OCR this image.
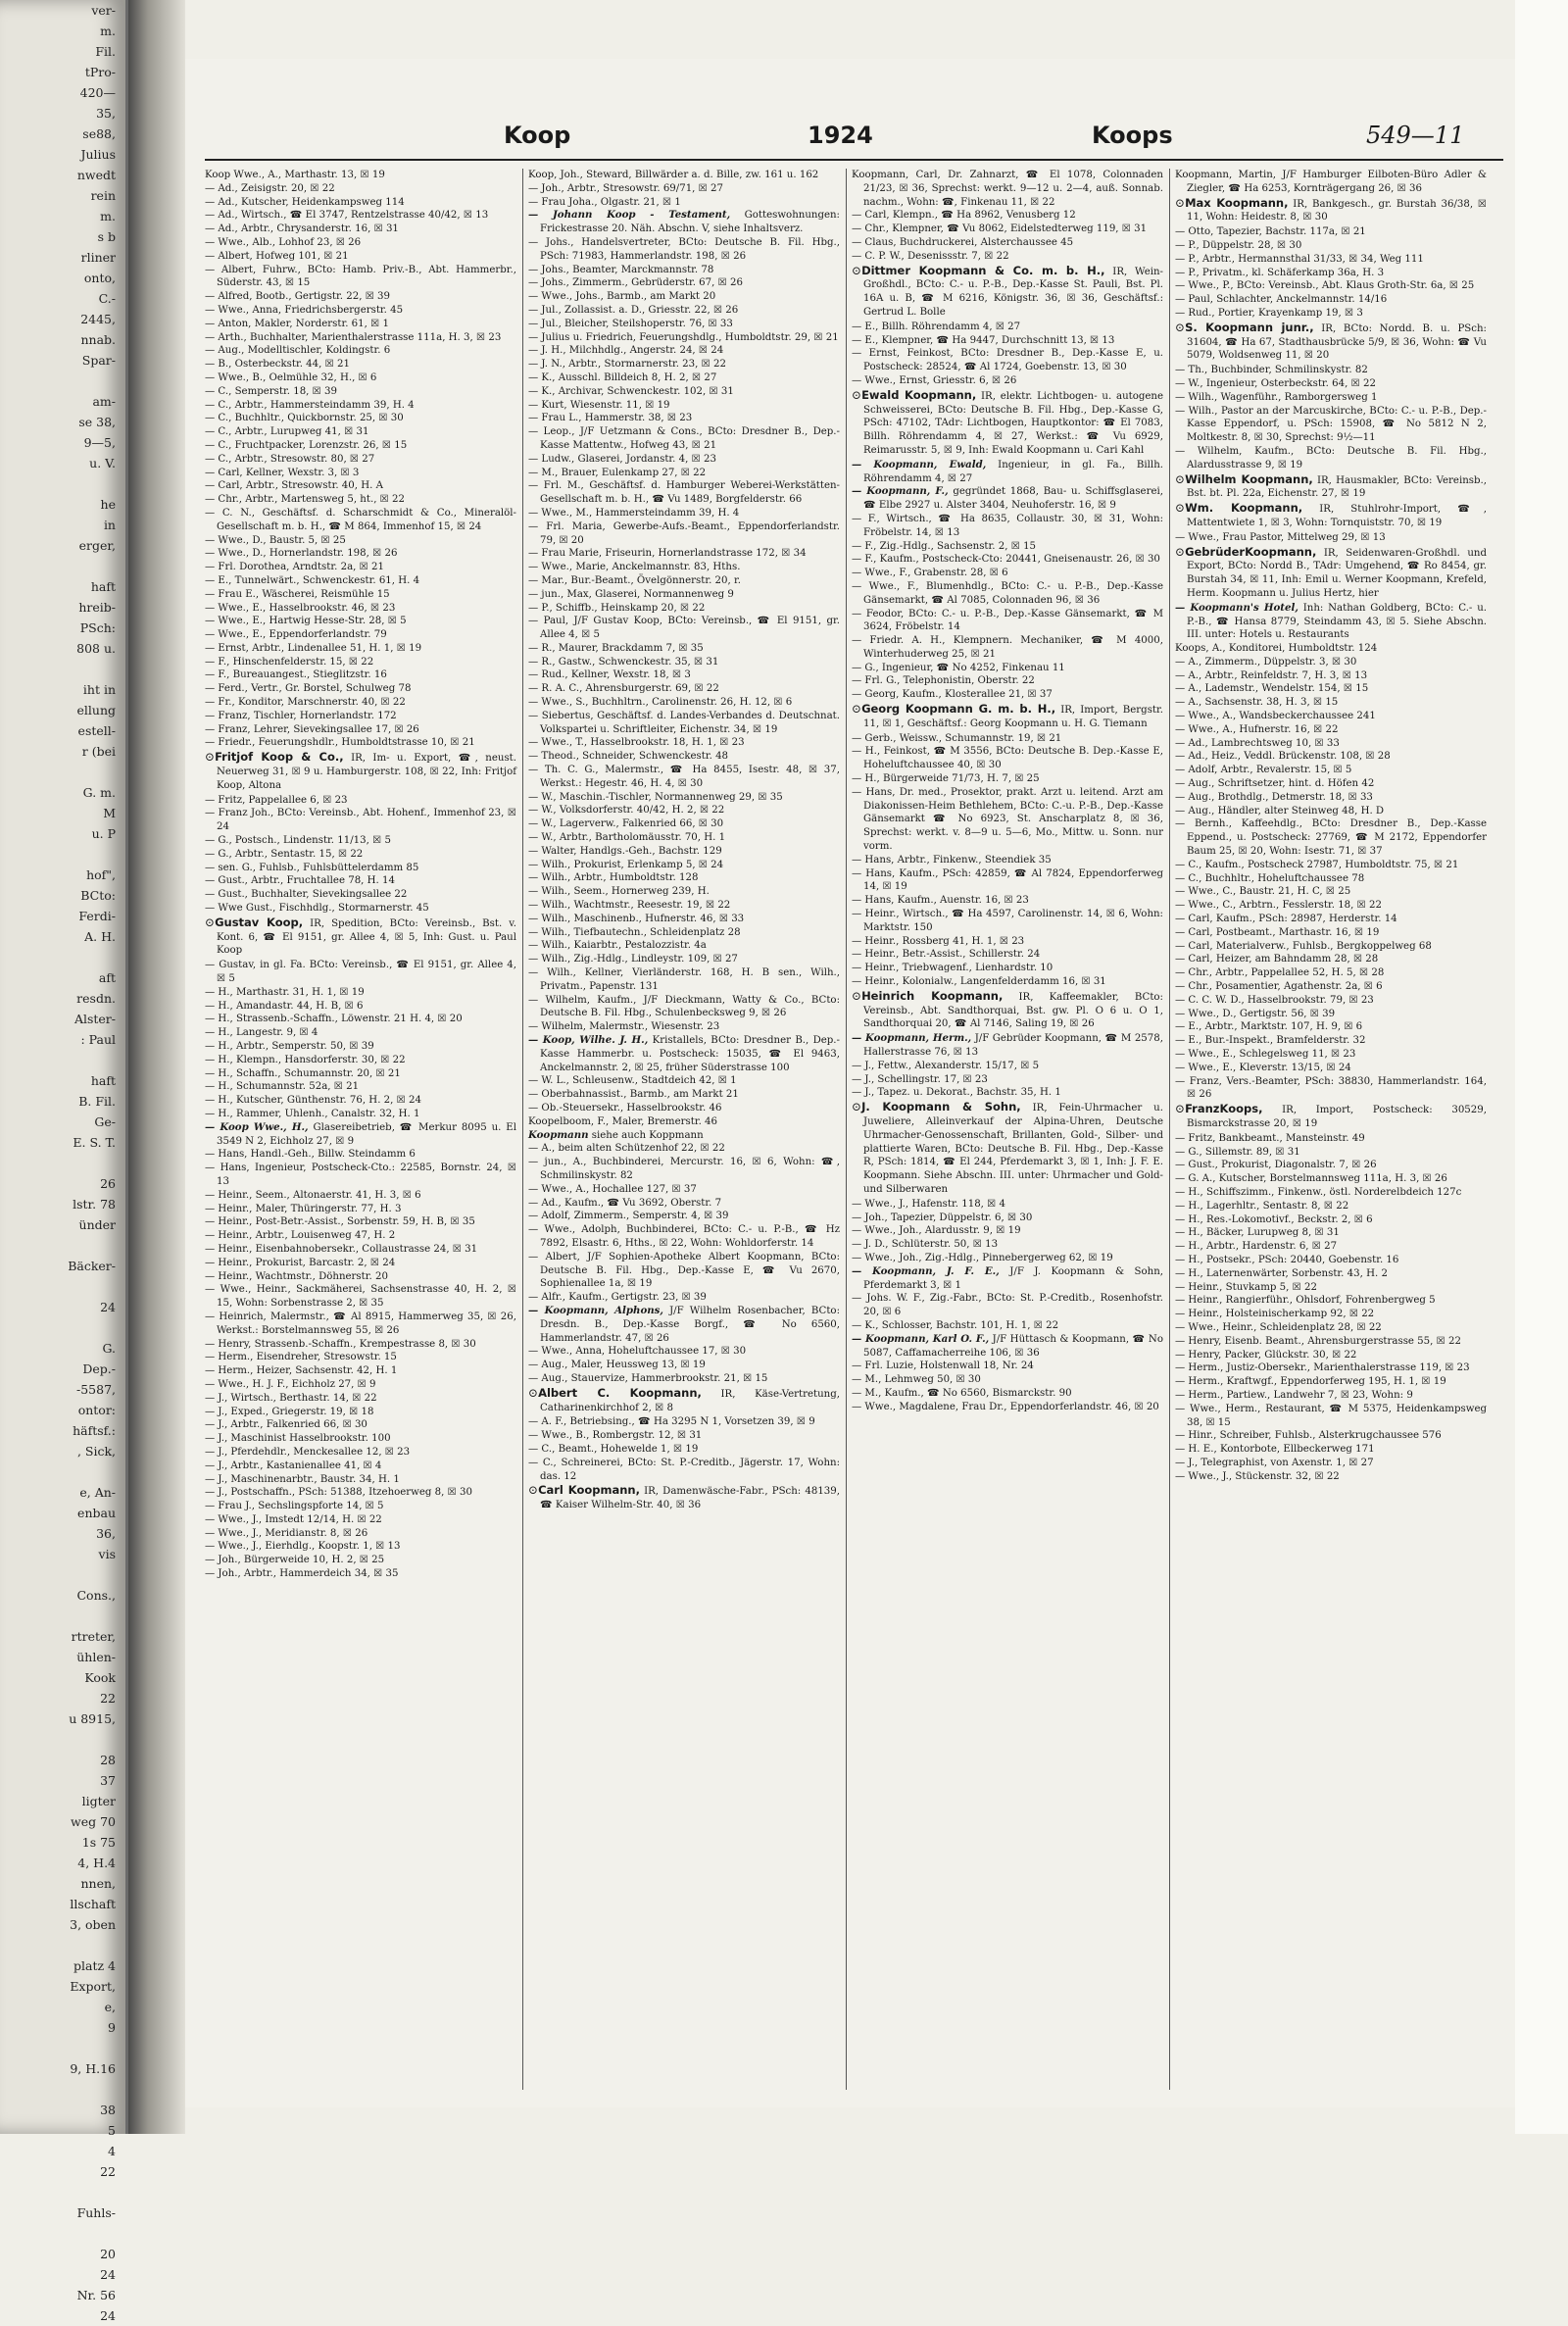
ver-
m.
Fil.
tPro-
420—
35,
se88,
Julius
nwedt
rein
m.
s b
rliner
onto,
C.-
2445,
nnab.
Spar-

am-
se 38,
9—5,
u. V.

he
in
erger,

haft
hreib-
PSch:
808 u.

iht in
ellung
estell-
r (bei

G. m.
M
u. P

hof",
BCto:
Ferdi-
A. H.

aft
resdn.
Alster-
: Paul

haft
B. Fil.
Ge-
E. S. T.

26
lstr. 78
ünder

Bäcker-

24

G.
Dep.-
-5587,
ontor:
häftsf.:
, Sick,

e, An-
enbau
36,
vis

Cons.,

rtreter,
ühlen-
Kook
22
u 8915,

28
37
ligter
weg 70
1s 75
4, H.4
nnen,
llschaft
3, oben

platz 4
Export,
e,
9

9, H.16

38
5
4
22

Fuhls-

20
24
Nr. 56
24
Koop	1924	Koops	549—11

Koop Wwe., A., Marthastr. 13, ☒ 19

— Ad., Zeisigstr. 20, ☒ 22

— Ad., Kutscher, Heidenkampsweg 114

— Ad., Wirtsch., ☎ El 3747, Rentzelstrasse 40/42, ☒ 13

— Ad., Arbtr., Chrysanderstr. 16, ☒ 31

— Wwe., Alb., Lohhof 23, ☒ 26

— Albert, Hofweg 101, ☒ 21

— Albert, Fuhrw., BCto: Hamb. Priv.-B., Abt. Hammerbr., Süderstr. 43, ☒ 15

— Alfred, Bootb., Gertigstr. 22, ☒ 39

— Wwe., Anna, Friedrichsbergerstr. 45

— Anton, Makler, Norderstr. 61, ☒ 1

— Arth., Buchhalter, Marienthalerstrasse 111a, H. 3, ☒ 23

— Aug., Modelltischler, Koldingstr. 6

— B., Osterbeckstr. 44, ☒ 21

— Wwe., B., Oelmühle 32, H., ☒ 6

— C., Semperstr. 18, ☒ 39

— C., Arbtr., Hammersteindamm 39, H. 4

— C., Buchhltr., Quickbornstr. 25, ☒ 30

— C., Arbtr., Lurupweg 41, ☒ 31

— C., Fruchtpacker, Lorenzstr. 26, ☒ 15

— C., Arbtr., Stresowstr. 80, ☒ 27

— Carl, Kellner, Wexstr. 3, ☒ 3

— Carl, Arbtr., Stresowstr. 40, H. A

— Chr., Arbtr., Martensweg 5, ht., ☒ 22

— C. N., Geschäftsf. d. Scharschmidt & Co., Mineralöl-Gesellschaft m. b. H., ☎ M 864, Immenhof 15, ☒ 24

— Wwe., D., Baustr. 5, ☒ 25

— Wwe., D., Hornerlandstr. 198, ☒ 26

— Frl. Dorothea, Arndtstr. 2a, ☒ 21

— E., Tunnelwärt., Schwenckestr. 61, H. 4

— Frau E., Wäscherei, Reismühle 15

— Wwe., E., Hasselbrookstr. 46, ☒ 23

— Wwe., E., Hartwig Hesse-Str. 28, ☒ 5

— Wwe., E., Eppendorferlandstr. 79

— Ernst, Arbtr., Lindenallee 51, H. 1, ☒ 19

— F., Hinschenfelderstr. 15, ☒ 22

— F., Bureauangest., Stieglitzstr. 16

— Ferd., Vertr., Gr. Borstel, Schulweg 78

— Fr., Konditor, Marschnerstr. 40, ☒ 22

— Franz, Tischler, Hornerlandstr. 172

— Franz, Lehrer, Sievekingsallee 17, ☒ 26

— Friedr., Feuerungshdlr., Humboldtstrasse 10, ☒ 21

⊙ Fritjof Koop & Co., IR, Im- u. Export, ☎, neust. Neuerweg 31, ☒ 9 u. Hamburgerstr. 108, ☒ 22, Inh: Fritjof Koop, Altona

— Fritz, Pappelallee 6, ☒ 23

— Franz Joh., BCto: Vereinsb., Abt. Hohenf., Immenhof 23, ☒ 24

— G., Postsch., Lindenstr. 11/13, ☒ 5

— G., Arbtr., Sentastr. 15, ☒ 22

— sen. G., Fuhlsb., Fuhlsbüttelerdamm 85

— Gust., Arbtr., Fruchtallee 78, H. 14

— Gust., Buchhalter, Sievekingsallee 22

— Wwe Gust., Fischhdlg., Stormarnerstr. 45

⊙ Gustav Koop, IR, Spedition, BCto: Vereinsb., Bst. v. Kont. 6, ☎ El 9151, gr. Allee 4, ☒ 5, Inh: Gust. u. Paul Koop

— Gustav, in gl. Fa. BCto: Vereinsb., ☎ El 9151, gr. Allee 4, ☒ 5

— H., Marthastr. 31, H. 1, ☒ 19

— H., Amandastr. 44, H. B, ☒ 6

— H., Strassenb.-Schaffn., Löwenstr. 21 H. 4, ☒ 20

— H., Langestr. 9, ☒ 4

— H., Arbtr., Semperstr. 50, ☒ 39

— H., Klempn., Hansdorferstr. 30, ☒ 22

— H., Schaffn., Schumannstr. 20, ☒ 21

— H., Schumannstr. 52a, ☒ 21

— H., Kutscher, Günthenstr. 76, H. 2, ☒ 24

— H., Rammer, Uhlenh., Canalstr. 32, H. 1

— Koop Wwe., H., Glasereibetrieb, ☎ Merkur 8095 u. El 3549 N 2, Eichholz 27, ☒ 9

— Hans, Handl.-Geh., Billw. Steindamm 6

— Hans, Ingenieur, Postscheck-Cto.: 22585, Bornstr. 24, ☒ 13

— Heinr., Seem., Altonaerstr. 41, H. 3, ☒ 6

— Heinr., Maler, Thüringerstr. 77, H. 3

— Heinr., Post-Betr.-Assist., Sorbenstr. 59, H. B, ☒ 35

— Heinr., Arbtr., Louisenweg 47, H. 2

— Heinr., Eisenbahnobersekr., Collaustrasse 24, ☒ 31

— Heinr., Prokurist, Barcastr. 2, ☒ 24

— Heinr., Wachtmstr., Döhnerstr. 20

— Wwe., Heinr., Sackmäherei, Sachsenstrasse 40, H. 2, ☒ 15, Wohn: Sorbenstrasse 2, ☒ 35

— Heinrich, Malermstr., ☎ Al 8915, Hammerweg 35, ☒ 26, Werkst.: Borstelmannsweg 55, ☒ 26

— Henry, Strassenb.-Schaffn., Krempestrasse 8, ☒ 30

— Herm., Eisendreher, Stresowstr. 15

— Herm., Heizer, Sachsenstr. 42, H. 1

— Wwe., H. J. F., Eichholz 27, ☒ 9

— J., Wirtsch., Berthastr. 14, ☒ 22

— J., Exped., Griegerstr. 19, ☒ 18

— J., Arbtr., Falkenried 66, ☒ 30

— J., Maschinist Hasselbrookstr. 100

— J., Pferdehdlr., Menckesallee 12, ☒ 23

— J., Arbtr., Kastanienallee 41, ☒ 4

— J., Maschinenarbtr., Baustr. 34, H. 1

— J., Postschaffn., PSch: 51388, Itzehoerweg 8, ☒ 30

— Frau J., Sechslingspforte 14, ☒ 5

— Wwe., J., Imstedt 12/14, H. ☒ 22

— Wwe., J., Meridianstr. 8, ☒ 26

— Wwe., J., Eierhdlg., Koopstr. 1, ☒ 13

— Joh., Bürgerweide 10, H. 2, ☒ 25

— Joh., Arbtr., Hammerdeich 34, ☒ 35

Koop, Joh., Steward, Billwärder a. d. Bille, zw. 161 u. 162

— Joh., Arbtr., Stresowstr. 69/71, ☒ 27

— Frau Joha., Olgastr. 21, ☒ 1

— Johann Koop - Testament, Gotteswohnungen: Frickestrasse 20. Näh. Abschn. V, siehe Inhaltsverz.

— Johs., Handelsvertreter, BCto: Deutsche B. Fil. Hbg., PSch: 71983, Hammerlandstr. 198, ☒ 26

— Johs., Beamter, Marckmannstr. 78

— Johs., Zimmerm., Gebrüderstr. 67, ☒ 26

— Wwe., Johs., Barmb., am Markt 20

— Jul., Zollassist. a. D., Griesstr. 22, ☒ 26

— Jul., Bleicher, Steilshoperstr. 76, ☒ 33

— Julius u. Friedrich, Feuerungshdlg., Humboldtstr. 29, ☒ 21

— J. H., Milchhdlg., Angerstr. 24, ☒ 24

— J. N., Arbtr., Stormarnerstr. 23, ☒ 22

— K., Ausschl. Billdeich 8, H. 2, ☒ 27

— K., Archivar, Schwenckestr. 102, ☒ 31

— Kurt, Wiesenstr. 11, ☒ 19

— Frau L., Hammerstr. 38, ☒ 23

— Leop., J/F Uetzmann & Cons., BCto: Dresdner B., Dep.-Kasse Mattentw., Hofweg 43, ☒ 21

— Ludw., Glaserei, Jordanstr. 4, ☒ 23

— M., Brauer, Eulenkamp 27, ☒ 22

— Frl. M., Geschäftsf. d. Hamburger Weberei-Werkstätten-Gesellschaft m. b. H., ☎ Vu 1489, Borgfelderstr. 66

— Wwe., M., Hammersteindamm 39, H. 4

— Frl. Maria, Gewerbe-Aufs.-Beamt., Eppendorferlandstr. 79, ☒ 20

— Frau Marie, Friseurin, Hornerlandstrasse 172, ☒ 34

— Wwe., Marie, Anckelmannstr. 83, Hths.

— Mar., Bur.-Beamt., Övelgönnerstr. 20, r.

— jun., Max, Glaserei, Normannenweg 9

— P., Schiffb., Heinskamp 20, ☒ 22

— Paul, J/F Gustav Koop, BCto: Vereinsb., ☎ El 9151, gr. Allee 4, ☒ 5

— R., Maurer, Brackdamm 7, ☒ 35

— R., Gastw., Schwenckestr. 35, ☒ 31

— Rud., Kellner, Wexstr. 18, ☒ 3

— R. A. C., Ahrensburgerstr. 69, ☒ 22

— Wwe., S., Buchhltrn., Carolinenstr. 26, H. 12, ☒ 6

— Siebertus, Geschäftsf. d. Landes-Verbandes d. Deutschnat. Volkspartei u. Schriftleiter, Eichenstr. 34, ☒ 19

— Wwe., T., Hasselbrookstr. 18, H. 1, ☒ 23

— Theod., Schneider, Schwenckestr. 48

— Th. C. G., Malermstr., ☎ Ha 8455, Isestr. 48, ☒ 37, Werkst.: Hegestr. 46, H. 4, ☒ 30

— W., Maschin.-Tischler, Normannenweg 29, ☒ 35

— W., Volksdorferstr. 40/42, H. 2, ☒ 22

— W., Lagerverw., Falkenried 66, ☒ 30

— W., Arbtr., Bartholomäusstr. 70, H. 1

— Walter, Handlgs.-Geh., Bachstr. 129

— Wilh., Prokurist, Erlenkamp 5, ☒ 24

— Wilh., Arbtr., Humboldtstr. 128

— Wilh., Seem., Hornerweg 239, H.

— Wilh., Wachtmstr., Reesestr. 19, ☒ 22

— Wilh., Maschinenb., Hufnerstr. 46, ☒ 33

— Wilh., Tiefbautechn., Schleidenplatz 28

— Wilh., Kaiarbtr., Pestalozzistr. 4a

— Wilh., Zig.-Hdlg., Lindleystr. 109, ☒ 27

— Wilh., Kellner, Vierländerstr. 168, H. B sen., Wilh., Privatm., Papenstr. 131

— Wilhelm, Kaufm., J/F Dieckmann, Watty & Co., BCto: Deutsche B. Fil. Hbg., Schulenbecksweg 9, ☒ 26

— Wilhelm, Malermstr., Wiesenstr. 23

— Koop, Wilhe. J. H., Kristallels, BCto: Dresdner B., Dep.-Kasse Hammerbr. u. Postscheck: 15035, ☎ El 9463, Anckelmannstr. 2, ☒ 25, früher Süderstrasse 100

— W. L., Schleusenw., Stadtdeich 42, ☒ 1

— Oberbahnassist., Barmb., am Markt 21

— Ob.-Steuersekr., Hasselbrookstr. 46

Koopelboom, F., Maler, Bremerstr. 46

Koopmann siehe auch Koppmann

— A., beim alten Schützenhof 22, ☒ 22

— jun., A., Buchbinderei, Mercurstr. 16, ☒ 6, Wohn: ☎, Schmilinskystr. 82

— Wwe., A., Hochallee 127, ☒ 37

— Ad., Kaufm., ☎ Vu 3692, Oberstr. 7

— Adolf, Zimmerm., Semperstr. 4, ☒ 39

— Wwe., Adolph, Buchbinderei, BCto: C.- u. P.-B., ☎ Hz 7892, Elsastr. 6, Hths., ☒ 22, Wohn: Wohldorferstr. 14

— Albert, J/F Sophien-Apotheke Albert Koopmann, BCto: Deutsche B. Fil. Hbg., Dep.-Kasse E, ☎ Vu 2670, Sophienallee 1a, ☒ 19

— Alfr., Kaufm., Gertigstr. 23, ☒ 39

— Koopmann, Alphons, J/F Wilhelm Rosenbacher, BCto: Dresdn. B., Dep.-Kasse Borgf., ☎ No 6560, Hammerlandstr. 47, ☒ 26

— Wwe., Anna, Hoheluftchaussee 17, ☒ 30

— Aug., Maler, Heussweg 13, ☒ 19

— Aug., Stauervize, Hammerbrookstr. 21, ☒ 15

⊙ Albert C. Koopmann, IR, Käse-Vertretung, Catharinenkirchhof 2, ☒ 8

— A. F., Betriebsing., ☎ Ha 3295 N 1, Vorsetzen 39, ☒ 9

— Wwe., B., Rombergstr. 12, ☒ 31

— C., Beamt., Hohewelde 1, ☒ 19

— C., Schreinerei, BCto: St. P.-Creditb., Jägerstr. 17, Wohn: das. 12

⊙ Carl Koopmann, IR, Damenwäsche-Fabr., PSch: 48139, ☎ Kaiser Wilhelm-Str. 40, ☒ 36

Koopmann, Carl, Dr. Zahnarzt, ☎ El 1078, Colonnaden 21/23, ☒ 36, Sprechst: werkt. 9—12 u. 2—4, auß. Sonnab. nachm., Wohn: ☎, Finkenau 11, ☒ 22

— Carl, Klempn., ☎ Ha 8962, Venusberg 12

— Chr., Klempner, ☎ Vu 8062, Eidelstedterweg 119, ☒ 31

— Claus, Buchdruckerei, Alsterchaussee 45

— C. P. W., Desenissstr. 7, ☒ 22

⊙ Dittmer Koopmann & Co. m. b. H., IR, Wein-Großhdl., BCto: C.- u. P.-B., Dep.-Kasse St. Pauli, Bst. Pl. 16A u. B, ☎ M 6216, Königstr. 36, ☒ 36, Geschäftsf.: Gertrud L. Bolle

— E., Billh. Röhrendamm 4, ☒ 27

— E., Klempner, ☎ Ha 9447, Durchschnitt 13, ☒ 13

— Ernst, Feinkost, BCto: Dresdner B., Dep.-Kasse E, u. Postscheck: 28524, ☎ Al 1724, Goebenstr. 13, ☒ 30

— Wwe., Ernst, Griesstr. 6, ☒ 26

⊙ Ewald Koopmann, IR, elektr. Lichtbogen- u. autogene Schweisserei, BCto: Deutsche B. Fil. Hbg., Dep.-Kasse G, PSch: 47102, TAdr: Lichtbogen, Hauptkontor: ☎ El 7083, Billh. Röhrendamm 4, ☒ 27, Werkst.: ☎ Vu 6929, Reimarusstr. 5, ☒ 9, Inh: Ewald Koopmann u. Cari Kahl

— Koopmann, Ewald, Ingenieur, in gl. Fa., Billh. Röhrendamm 4, ☒ 27

— Koopmann, F., gegründet 1868, Bau- u. Schiffsglaserei, ☎ Elbe 2927 u. Alster 3404, Neuhoferstr. 16, ☒ 9

— F., Wirtsch., ☎ Ha 8635, Collaustr. 30, ☒ 31, Wohn: Fröbelstr. 14, ☒ 13

— F., Zig.-Hdlg., Sachsenstr. 2, ☒ 15

— F., Kaufm., Postscheck-Cto: 20441, Gneisenaustr. 26, ☒ 30

— Wwe., F., Grabenstr. 28, ☒ 6

— Wwe., F., Blumenhdlg., BCto: C.- u. P.-B., Dep.-Kasse Gänsemarkt, ☎ Al 7085, Colonnaden 96, ☒ 36

— Feodor, BCto: C.- u. P.-B., Dep.-Kasse Gänsemarkt, ☎ M 3624, Fröbelstr. 14

— Friedr. A. H., Klempnern. Mechaniker, ☎ M 4000, Winterhuderweg 25, ☒ 21

— G., Ingenieur, ☎ No 4252, Finkenau 11

— Frl. G., Telephonistin, Oberstr. 22

— Georg, Kaufm., Klosterallee 21, ☒ 37

⊙ Georg Koopmann G. m. b. H., IR, Import, Bergstr. 11, ☒ 1, Geschäftsf.: Georg Koopmann u. H. G. Tiemann

— Gerb., Weissw., Schumannstr. 19, ☒ 21

— H., Feinkost, ☎ M 3556, BCto: Deutsche B. Dep.-Kasse E, Hoheluftchaussee 40, ☒ 30

— H., Bürgerweide 71/73, H. 7, ☒ 25

— Hans, Dr. med., Prosektor, prakt. Arzt u. leitend. Arzt am Diakonissen-Heim Bethlehem, BCto: C.-u. P.-B., Dep.-Kasse Gänsemarkt ☎ No 6923, St. Anscharplatz 8, ☒ 36, Sprechst: werkt. v. 8—9 u. 5—6, Mo., Mittw. u. Sonn. nur vorm.

— Hans, Arbtr., Finkenw., Steendiek 35

— Hans, Kaufm., PSch: 42859, ☎ Al 7824, Eppendorferweg 14, ☒ 19

— Hans, Kaufm., Auenstr. 16, ☒ 23

— Heinr., Wirtsch., ☎ Ha 4597, Carolinenstr. 14, ☒ 6, Wohn: Marktstr. 150

— Heinr., Rossberg 41, H. 1, ☒ 23

— Heinr., Betr.-Assist., Schillerstr. 24

— Heinr., Triebwagenf., Lienhardstr. 10

— Heinr., Kolonialw., Langenfelderdamm 16, ☒ 31

⊙ Heinrich Koopmann, IR, Kaffeemakler, BCto: Vereinsb., Abt. Sandthorquai, Bst. gw. Pl. O 6 u. O 1, Sandthorquai 20, ☎ Al 7146, Saling 19, ☒ 26

— Koopmann, Herm., J/F Gebrüder Koopmann, ☎ M 2578, Hallerstrasse 76, ☒ 13

— J., Fettw., Alexanderstr. 15/17, ☒ 5

— J., Schellingstr. 17, ☒ 23

— J., Tapez. u. Dekorat., Bachstr. 35, H. 1

⊙ J. Koopmann & Sohn, IR, Fein-Uhrmacher u. Juweliere, Alleinverkauf der Alpina-Uhren, Deutsche Uhrmacher-Genossenschaft, Brillanten, Gold-, Silber- und plattierte Waren, BCto: Deutsche B. Fil. Hbg., Dep.-Kasse R, PSch: 1814, ☎ El 244, Pferdemarkt 3, ☒ 1, Inh: J. F. E. Koopmann. Siehe Abschn. III. unter: Uhrmacher und Gold- und Silberwaren

— Wwe., J., Hafenstr. 118, ☒ 4

— Joh., Tapezier, Düppelstr. 6, ☒ 30

— Wwe., Joh., Alardusstr. 9, ☒ 19

— J. D., Schlüterstr. 50, ☒ 13

— Wwe., Joh., Zig.-Hdlg., Pinnebergerweg 62, ☒ 19

— Koopmann, J. F. E., J/F J. Koopmann & Sohn, Pferdemarkt 3, ☒ 1

— Johs. W. F., Zig.-Fabr., BCto: St. P.-Creditb., Rosenhofstr. 20, ☒ 6

— K., Schlosser, Bachstr. 101, H. 1, ☒ 22

— Koopmann, Karl O. F., J/F Hüttasch & Koopmann, ☎ No 5087, Caffamacherreihe 106, ☒ 36

— Frl. Luzie, Holstenwall 18, Nr. 24

— M., Lehmweg 50, ☒ 30

— M., Kaufm., ☎ No 6560, Bismarckstr. 90

— Wwe., Magdalene, Frau Dr., Eppendorferlandstr. 46, ☒ 20

Koopmann, Martin, J/F Hamburger Eilboten-Büro Adler & Ziegler, ☎ Ha 6253, Kornträgergang 26, ☒ 36

⊙ Max Koopmann, IR, Bankgesch., gr. Burstah 36/38, ☒ 11, Wohn: Heidestr. 8, ☒ 30

— Otto, Tapezier, Bachstr. 117a, ☒ 21

— P., Düppelstr. 28, ☒ 30

— P., Arbtr., Hermannsthal 31/33, ☒ 34, Weg 111

— P., Privatm., kl. Schäferkamp 36a, H. 3

— Wwe., P., BCto: Vereinsb., Abt. Klaus Groth-Str. 6a, ☒ 25

— Paul, Schlachter, Anckelmannstr. 14/16

— Rud., Portier, Krayenkamp 19, ☒ 3

⊙ S. Koopmann junr., IR, BCto: Nordd. B. u. PSch: 31604, ☎ Ha 67, Stadthausbrücke 5/9, ☒ 36, Wohn: ☎ Vu 5079, Woldsenweg 11, ☒ 20

— Th., Buchbinder, Schmilinskystr. 82

— W., Ingenieur, Osterbeckstr. 64, ☒ 22

— Wilh., Wagenführ., Ramborgersweg 1

— Wilh., Pastor an der Marcuskirche, BCto: C.- u. P.-B., Dep.-Kasse Eppendorf, u. PSch: 15908, ☎ No 5812 N 2, Moltkestr. 8, ☒ 30, Sprechst: 9½—11

— Wilhelm, Kaufm., BCto: Deutsche B. Fil. Hbg., Alardusstrasse 9, ☒ 19

⊙ Wilhelm Koopmann, IR, Hausmakler, BCto: Vereinsb., Bst. bt. Pl. 22a, Eichenstr. 27, ☒ 19

⊙ Wm. Koopmann, IR, Stuhlrohr-Import, ☎, Mattentwiete 1, ☒ 3, Wohn: Tornquiststr. 70, ☒ 19

— Wwe., Frau Pastor, Mittelweg 29, ☒ 13

⊙ GebrüderKoopmann, IR, Seidenwaren-Großhdl. und Export, BCto: Nordd B., TAdr: Umgehend, ☎ Ro 8454, gr. Burstah 34, ☒ 11, Inh: Emil u. Werner Koopmann, Krefeld, Herm. Koopmann u. Julius Hertz, hier

— Koopmann's Hotel, Inh: Nathan Goldberg, BCto: C.- u. P.-B., ☎ Hansa 8779, Steindamm 43, ☒ 5. Siehe Abschn. III. unter: Hotels u. Restaurants

Koops, A., Konditorei, Humboldtstr. 124

— A., Zimmerm., Düppelstr. 3, ☒ 30

— A., Arbtr., Reinfeldstr. 7, H. 3, ☒ 13

— A., Lademstr., Wendelstr. 154, ☒ 15

— A., Sachsenstr. 38, H. 3, ☒ 15

— Wwe., A., Wandsbeckerchaussee 241

— Wwe., A., Hufnerstr. 16, ☒ 22

— Ad., Lambrechtsweg 10, ☒ 33

— Ad., Heiz., Veddl. Brückenstr. 108, ☒ 28

— Adolf, Arbtr., Revalerstr. 15, ☒ 5

— Aug., Schriftsetzer, hint. d. Höfen 42

— Aug., Brothdlg., Detmerstr. 18, ☒ 33

— Aug., Händler, alter Steinweg 48, H. D

— Bernh., Kaffeehdlg., BCto: Dresdner B., Dep.-Kasse Eppend., u. Postscheck: 27769, ☎ M 2172, Eppendorfer Baum 25, ☒ 20, Wohn: Isestr. 71, ☒ 37

— C., Kaufm., Postscheck 27987, Humboldtstr. 75, ☒ 21

— C., Buchhltr., Hoheluftchaussee 78

— Wwe., C., Baustr. 21, H. C, ☒ 25

— Wwe., C., Arbtrn., Fesslerstr. 18, ☒ 22

— Carl, Kaufm., PSch: 28987, Herderstr. 14

— Carl, Postbeamt., Marthastr. 16, ☒ 19

— Carl, Materialverw., Fuhlsb., Bergkoppelweg 68

— Carl, Heizer, am Bahndamm 28, ☒ 28

— Chr., Arbtr., Pappelallee 52, H. 5, ☒ 28

— Chr., Posamentier, Agathenstr. 2a, ☒ 6

— C. C. W. D., Hasselbrookstr. 79, ☒ 23

— Wwe., D., Gertigstr. 56, ☒ 39

— E., Arbtr., Marktstr. 107, H. 9, ☒ 6

— E., Bur.-Inspekt., Bramfelderstr. 32

— Wwe., E., Schlegelsweg 11, ☒ 23

— Wwe., E., Kleverstr. 13/15, ☒ 24

— Franz, Vers.-Beamter, PSch: 38830, Hammerlandstr. 164, ☒ 26

⊙ FranzKoops, IR, Import, Postscheck: 30529, Bismarckstrasse 20, ☒ 19

— Fritz, Bankbeamt., Mansteinstr. 49

— G., Sillemstr. 89, ☒ 31

— Gust., Prokurist, Diagonalstr. 7, ☒ 26

— G. A., Kutscher, Borstelmannsweg 111a, H. 3, ☒ 26

— H., Schiffszimm., Finkenw., östl. Norderelbdeich 127c

— H., Lagerhltr., Sentastr. 8, ☒ 22

— H., Res.-Lokomotivf., Beckstr. 2, ☒ 6

— H., Bäcker, Lurupweg 8, ☒ 31

— H., Arbtr., Hardenstr. 6, ☒ 27

— H., Postsekr., PSch: 20440, Goebenstr. 16

— H., Laternenwärter, Sorbenstr. 43, H. 2

— Heinr., Stuvkamp 5, ☒ 22

— Heinr., Rangierführ., Ohlsdorf, Fohrenbergweg 5

— Heinr., Holsteinischerkamp 92, ☒ 22

— Wwe., Heinr., Schleidenplatz 28, ☒ 22

— Henry, Eisenb. Beamt., Ahrensburgerstrasse 55, ☒ 22

— Henry, Packer, Glückstr. 30, ☒ 22

— Herm., Justiz-Obersekr., Marienthalerstrasse 119, ☒ 23

— Herm., Kraftwgf., Eppendorferweg 195, H. 1, ☒ 19

— Herm., Partiew., Landwehr 7, ☒ 23, Wohn: 9

— Wwe., Herm., Restaurant, ☎ M 5375, Heidenkampsweg 38, ☒ 15

— Hinr., Schreiber, Fuhlsb., Alsterkrugchaussee 576

— H. E., Kontorbote, Ellbeckerweg 171

— J., Telegraphist, von Axenstr. 1, ☒ 27

— Wwe., J., Stückenstr. 32, ☒ 22
